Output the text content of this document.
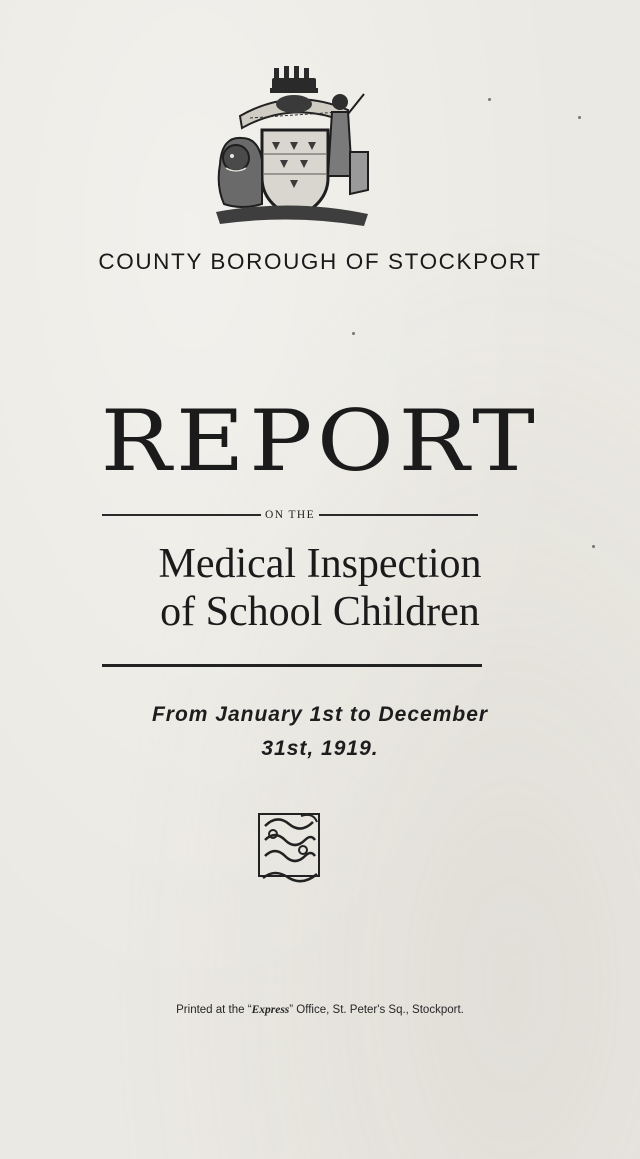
COUNTY BOROUGH OF STOCKPORT
REPORT
ON THE
Medical Inspection
of School Children
From January 1st to December
31st, 1919.
Printed at the “Express” Office, St. Peter's Sq., Stockport.
